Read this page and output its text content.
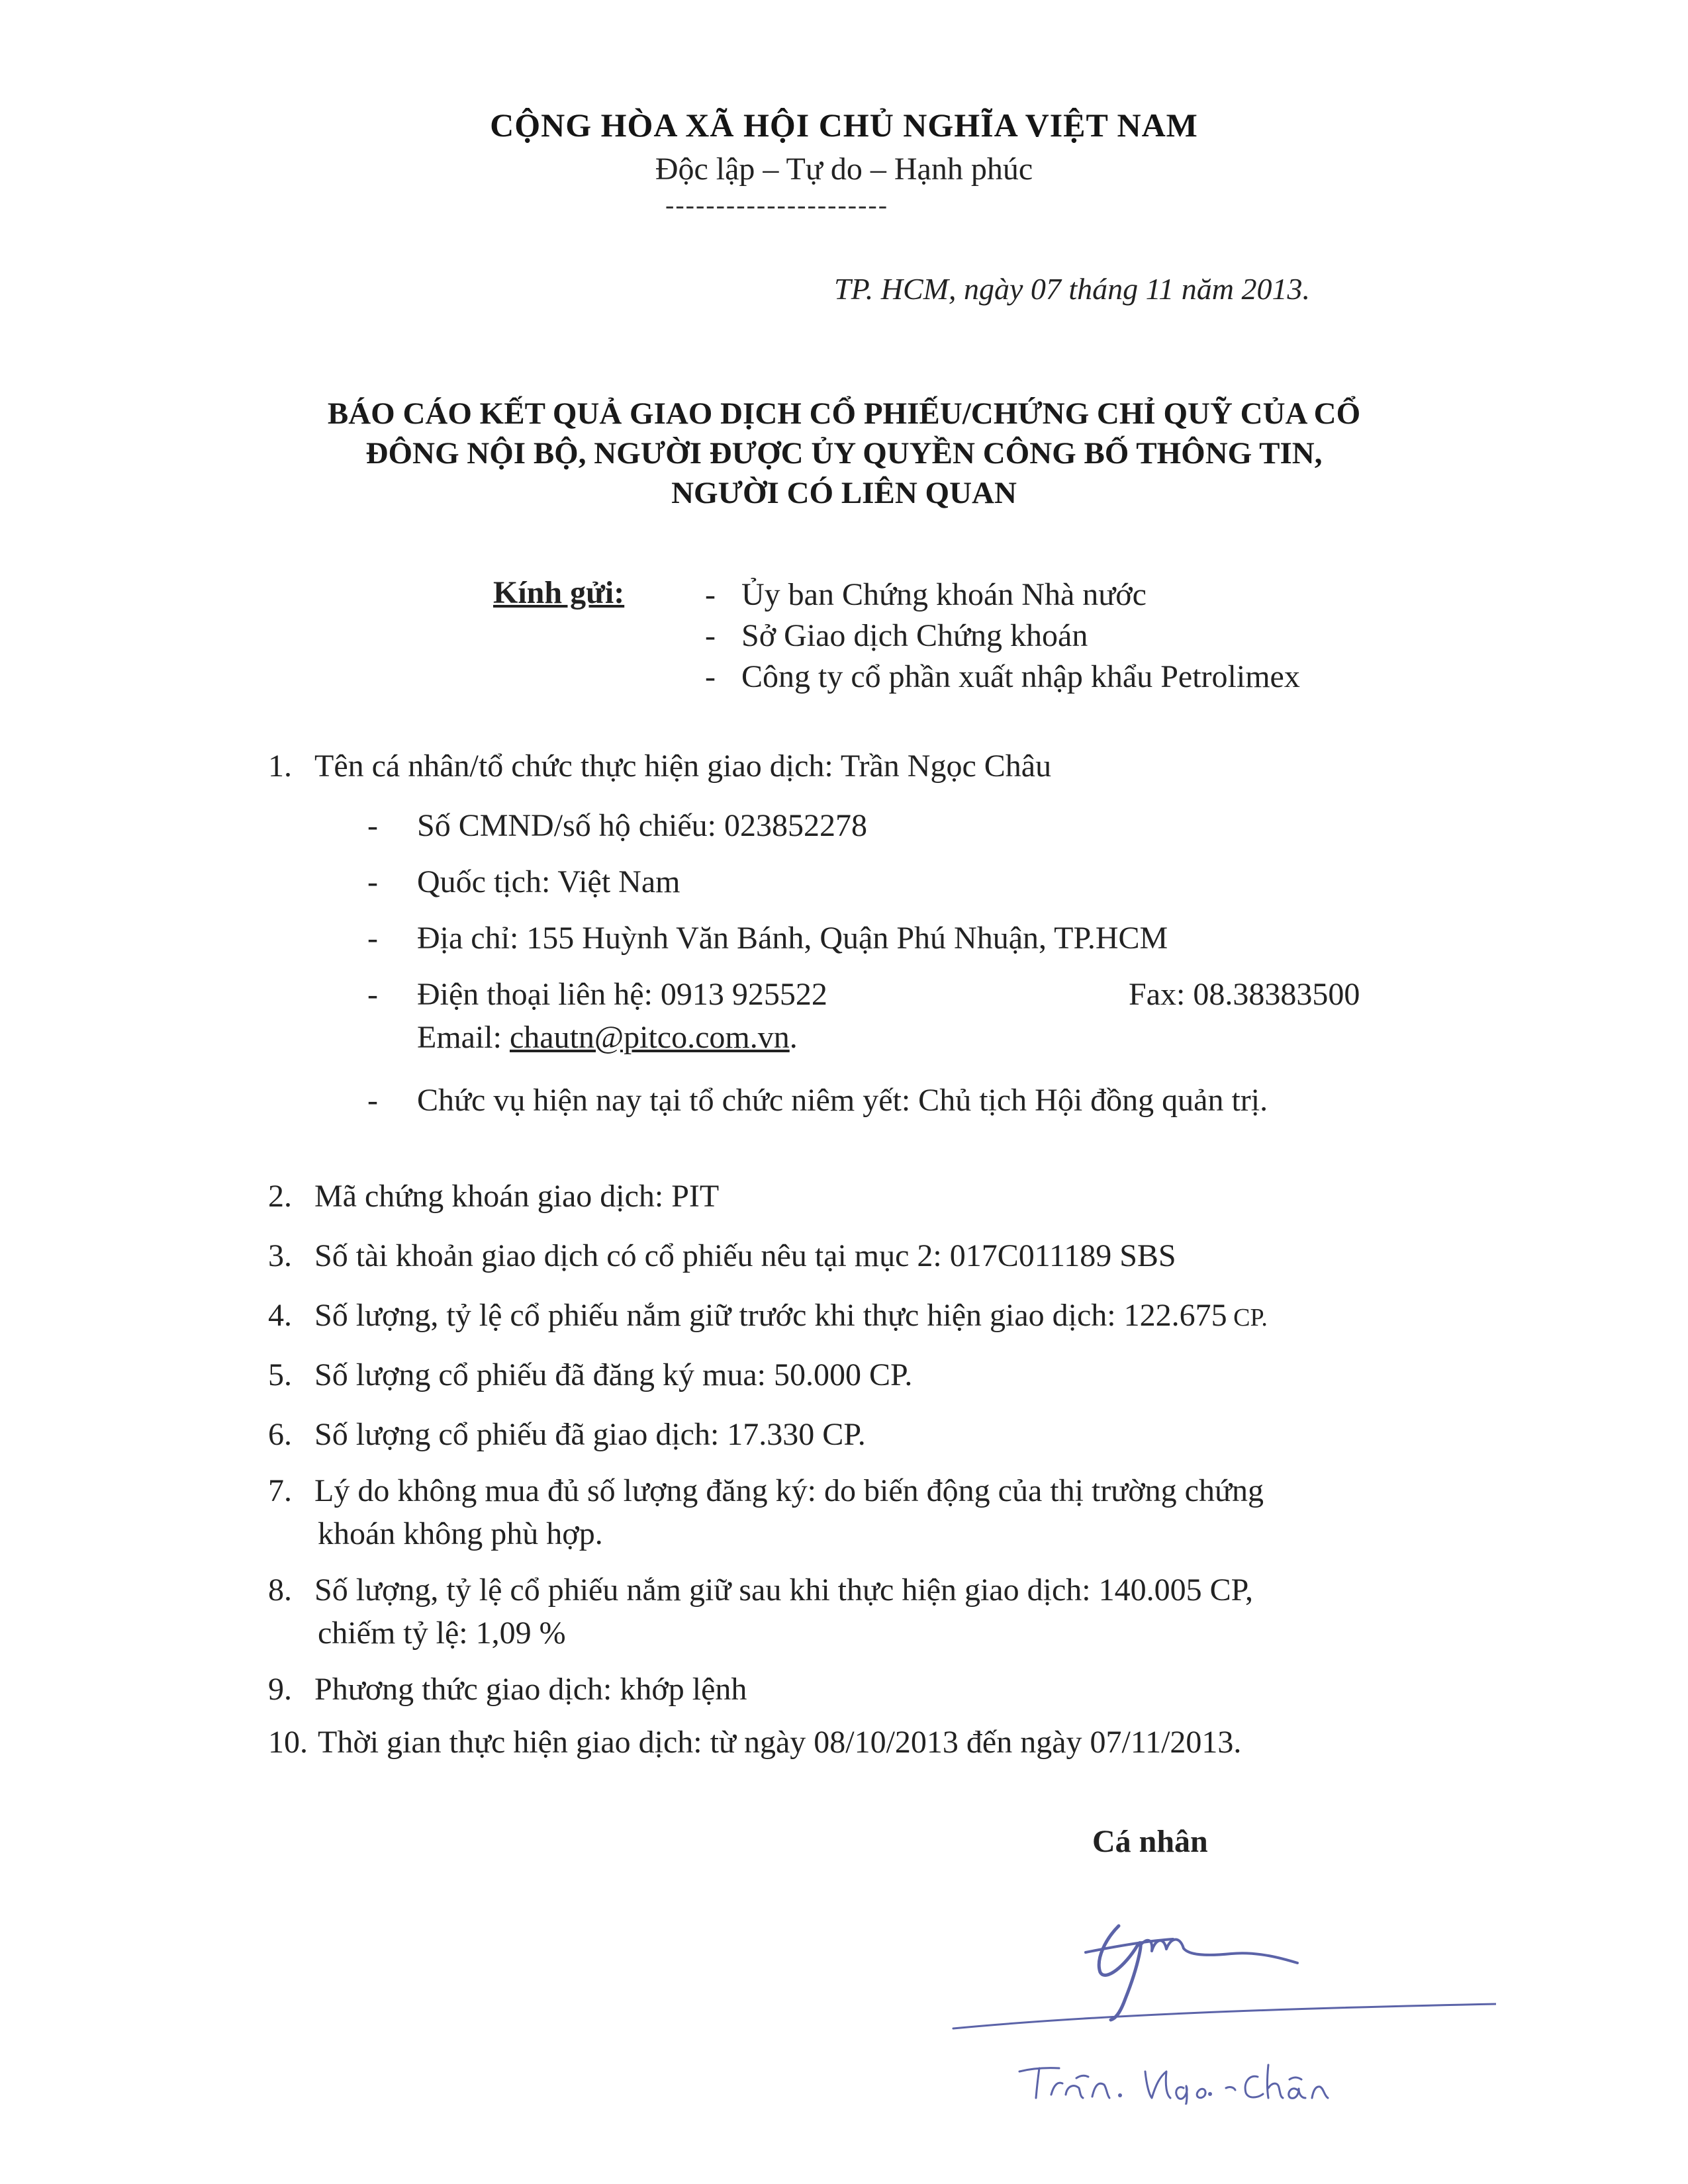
CỘNG HÒA XÃ HỘI CHỦ NGHĨA VIỆT NAM
Độc lập – Tự do – Hạnh phúc
----------------------
TP. HCM, ngày 07 tháng 11 năm 2013.
BÁO CÁO KẾT QUẢ GIAO DỊCH CỔ PHIẾU/CHỨNG CHỈ QUỸ CỦA CỔ
ĐÔNG NỘI BỘ, NGƯỜI ĐƯỢC ỦY QUYỀN CÔNG BỐ THÔNG TIN,
NGƯỜI CÓ LIÊN QUAN
Kính gửi:	- Ủy ban Chứng khoán Nhà nước
- Sở Giao dịch Chứng khoán
- Công ty cổ phần xuất nhập khẩu Petrolimex
1. Tên cá nhân/tổ chức thực hiện giao dịch: Trần Ngọc Châu
- Số CMND/số hộ chiếu: 023852278
- Quốc tịch: Việt Nam
- Địa chỉ: 155 Huỳnh Văn Bánh, Quận Phú Nhuận, TP.HCM
- Điện thoại liên hệ: 0913 925522	Fax: 08.38383500
Email: chautn@pitco.com.vn.
- Chức vụ hiện nay tại tổ chức niêm yết: Chủ tịch Hội đồng quản trị.
2. Mã chứng khoán giao dịch: PIT
3. Số tài khoản giao dịch có cổ phiếu nêu tại mục 2: 017C011189 SBS
4. Số lượng, tỷ lệ cổ phiếu nắm giữ trước khi thực hiện giao dịch: 122.675 CP.
5. Số lượng cổ phiếu đã đăng ký mua: 50.000 CP.
6. Số lượng cổ phiếu đã giao dịch: 17.330 CP.
7. Lý do không mua đủ số lượng đăng ký: do biến động của thị trường chứng
khoán không phù hợp.
8. Số lượng, tỷ lệ cổ phiếu nắm giữ sau khi thực hiện giao dịch: 140.005 CP,
chiếm tỷ lệ: 1,09 %
9. Phương thức giao dịch: khớp lệnh
10. Thời gian thực hiện giao dịch: từ ngày 08/10/2013 đến ngày 07/11/2013.
Cá nhân
